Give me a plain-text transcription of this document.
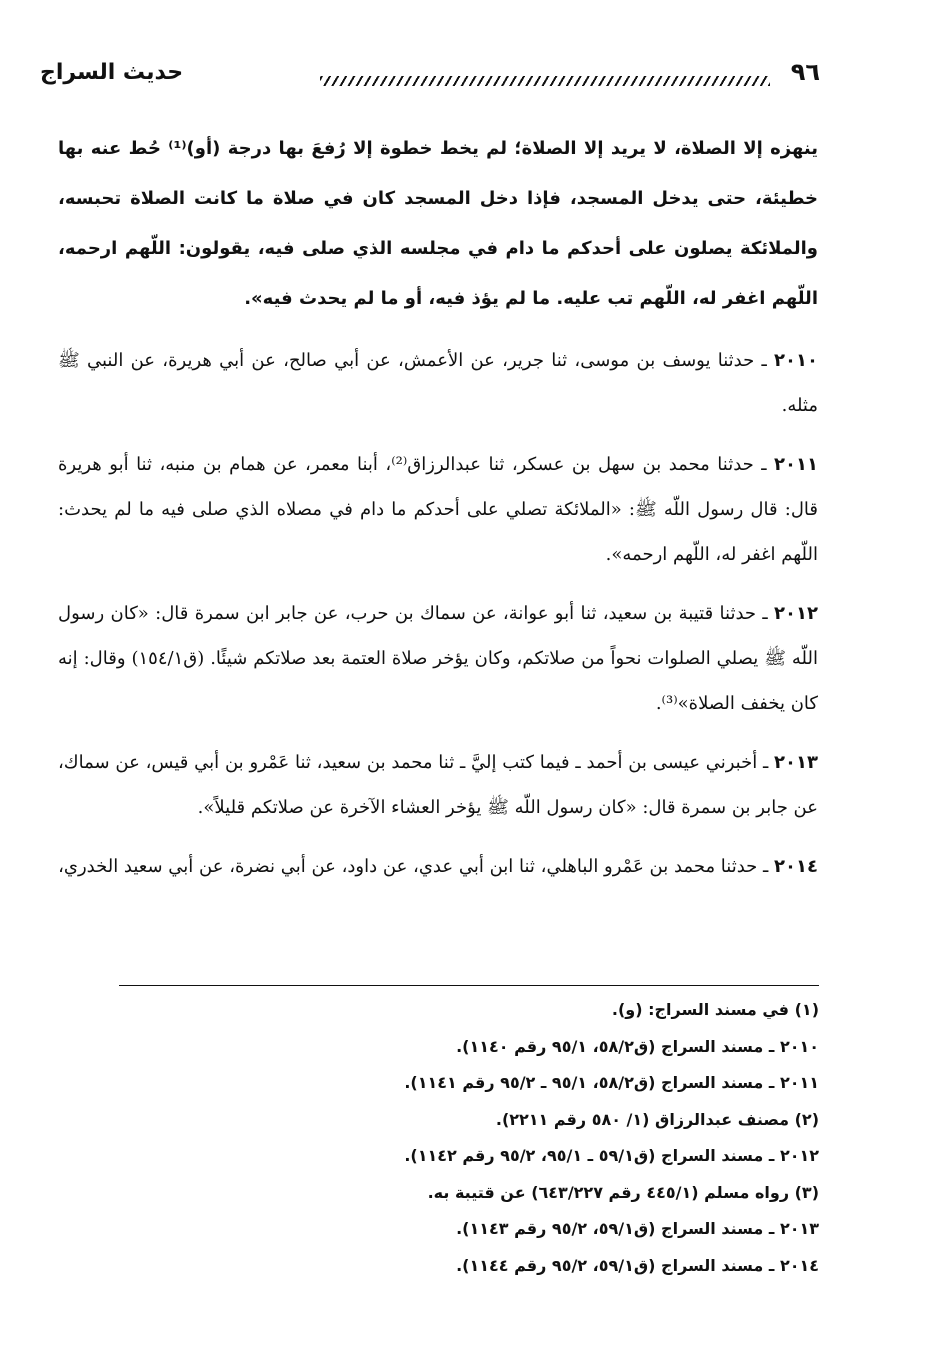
حديث السراج	٩٦

ينهزه إلا الصلاة، لا يريد إلا الصلاة؛ لم يخط خطوة إلا رُفعَ بها درجة (أو)⁽¹⁾ حُط عنه بها خطيئة، حتى يدخل المسجد، فإذا دخل المسجد كان في صلاة ما كانت الصلاة تحبسه، والملائكة يصلون على أحدكم ما دام في مجلسه الذي صلى فيه، يقولون: اللّهم ارحمه، اللّهم اغفر له، اللّهم تب عليه. ما لم يؤذ فيه، أو ما لم يحدث فيه».

٢٠١٠ ـ حدثنا يوسف بن موسى، ثنا جرير، عن الأعمش، عن أبي صالح، عن أبي هريرة، عن النبي ﷺ مثله.

٢٠١١ ـ حدثنا محمد بن سهل بن عسكر، ثنا عبدالرزاق⁽²⁾، أبنا معمر، عن همام بن منبه، ثنا أبو هريرة قال: قال رسول اللّه ﷺ: «الملائكة تصلي على أحدكم ما دام في مصلاه الذي صلى فيه ما لم يحدث: اللّهم اغفر له، اللّهم ارحمه».

٢٠١٢ ـ حدثنا قتيبة بن سعيد، ثنا أبو عوانة، عن سماك بن حرب، عن جابر ابن سمرة قال: «كان رسول اللّه ﷺ يصلي الصلوات نحواً من صلاتكم، وكان يؤخر صلاة العتمة بعد صلاتكم شيئًا. (ق١٥٤/١) وقال: إنه كان يخفف الصلاة»⁽³⁾.

٢٠١٣ ـ أخبرني عيسى بن أحمد ـ فيما كتب إليَّ ـ ثنا محمد بن سعيد، ثنا عَمْرو بن أبي قيس، عن سماك، عن جابر بن سمرة قال: «كان رسول اللّه ﷺ يؤخر العشاء الآخرة عن صلاتكم قليلاً».

٢٠١٤ ـ حدثنا محمد بن عَمْرو الباهلي، ثنا ابن أبي عدي، عن داود، عن أبي نضرة، عن أبي سعيد الخدري،

(١) في مسند السراج: (و).
٢٠١٠ ـ مسند السراج (ق٥٨/٢، ٩٥/١ رقم ١١٤٠).
٢٠١١ ـ مسند السراج (ق٥٨/٢، ٩٥/١ ـ ٩٥/٢ رقم ١١٤١).
(٢) مصنف عبدالرزاق (١/ ٥٨٠ رقم ٢٢١١).
٢٠١٢ ـ مسند السراج (ق٥٩/١ ـ ٩٥/١، ٩٥/٢ رقم ١١٤٢).
(٣) رواه مسلم (٤٤٥/١ رقم ٦٤٣/٢٢٧) عن قتيبة به.
٢٠١٣ ـ مسند السراج (ق٥٩/١، ٩٥/٢ رقم ١١٤٣).
٢٠١٤ ـ مسند السراج (ق٥٩/١، ٩٥/٢ رقم ١١٤٤).
